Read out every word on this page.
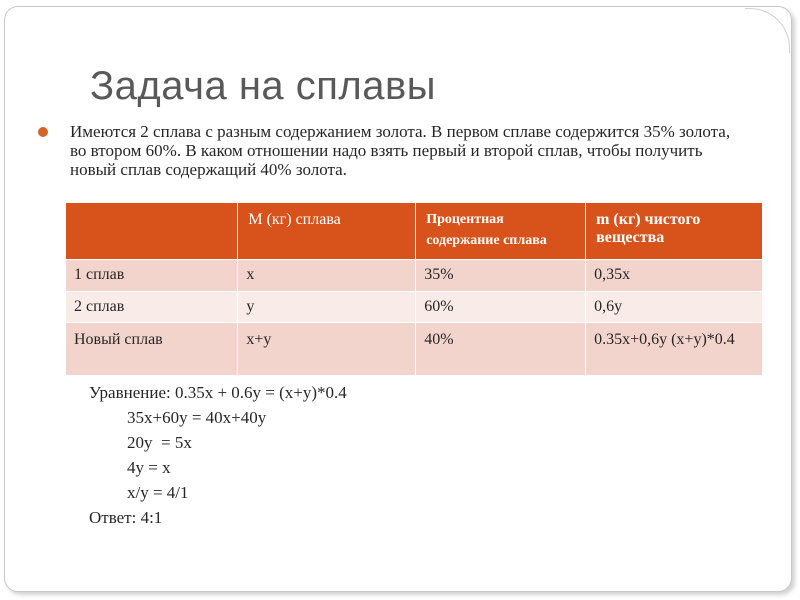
Задача на сплавы
Имеются 2 сплава с разным содержанием золота. В первом сплаве содержится 35% золота, во втором 60%. В каком отношении надо взять первый и второй сплав, чтобы получить новый сплав содержащий 40% золота.
Уравнение: 0.35x + 0.6y = (x+y)*0.4
35x+60y = 40x+40y
20y  = 5x
4y = x
x/y = 4/1
Ответ: 4:1
	М (кг) сплава	Процентная содержание сплава	m (кг) чистого вещества
1 сплав	x	35%	0,35x
2 сплав	y	60%	0,6y
Новый сплав	x+y	40%	0.35x+0,6y (x+y)*0.4
